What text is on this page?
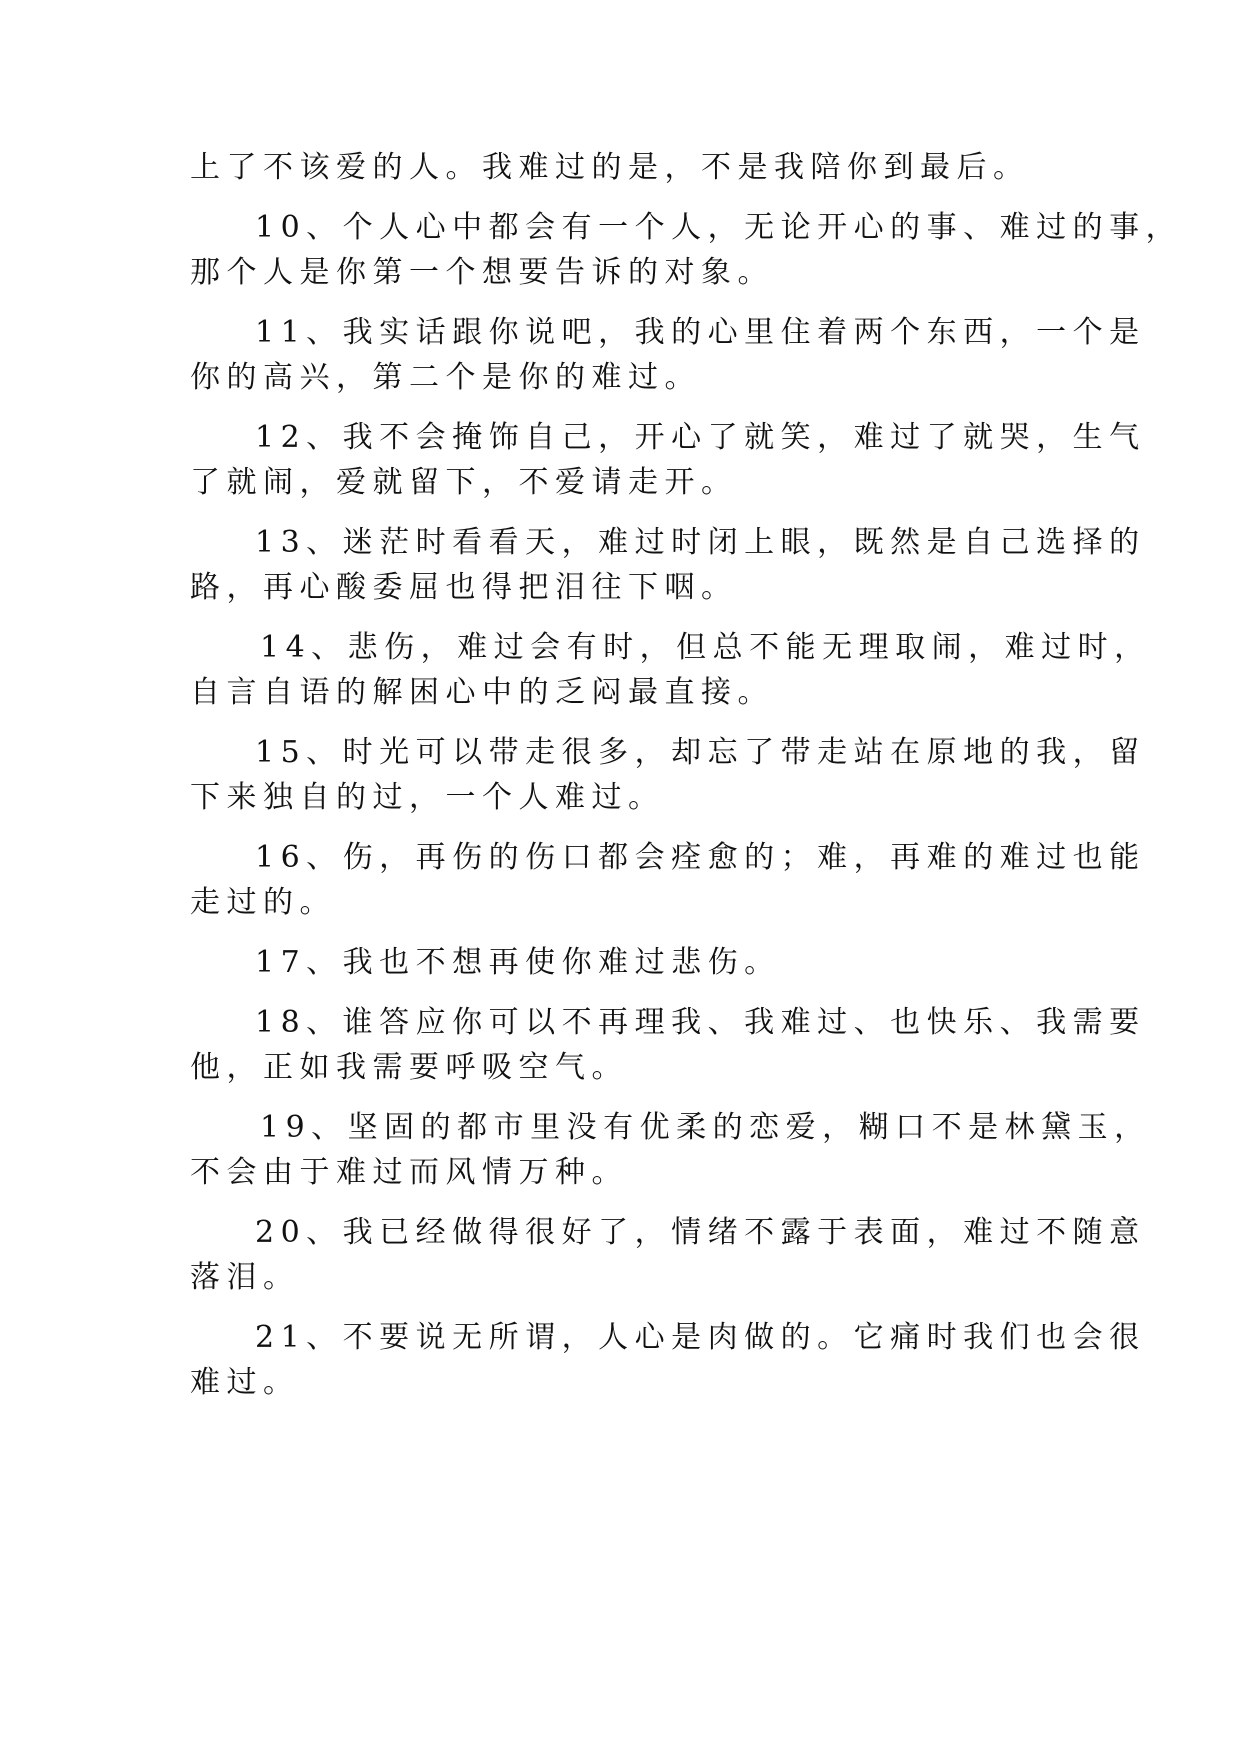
上了不该爱的人。我难过的是，不是我陪你到最后。
10、个人心中都会有一个人，无论开心的事、难过的事，
那个人是你第一个想要告诉的对象。
11、我实话跟你说吧，我的心里住着两个东西，一个是
你的高兴，第二个是你的难过。
12、我不会掩饰自己，开心了就笑，难过了就哭，生气
了就闹，爱就留下，不爱请走开。
13、迷茫时看看天，难过时闭上眼，既然是自己选择的
路，再心酸委屈也得把泪往下咽。
14、悲伤，难过会有时，但总不能无理取闹，难过时，
自言自语的解困心中的乏闷最直接。
15、时光可以带走很多，却忘了带走站在原地的我，留
下来独自的过，一个人难过。
16、伤，再伤的伤口都会痊愈的；难，再难的难过也能
走过的。
17、我也不想再使你难过悲伤。
18、谁答应你可以不再理我、我难过、也快乐、我需要
他，正如我需要呼吸空气。
19、坚固的都市里没有优柔的恋爱，糊口不是林黛玉，
不会由于难过而风情万种。
20、我已经做得很好了，情绪不露于表面，难过不随意
落泪。
21、不要说无所谓，人心是肉做的。它痛时我们也会很
难过。
